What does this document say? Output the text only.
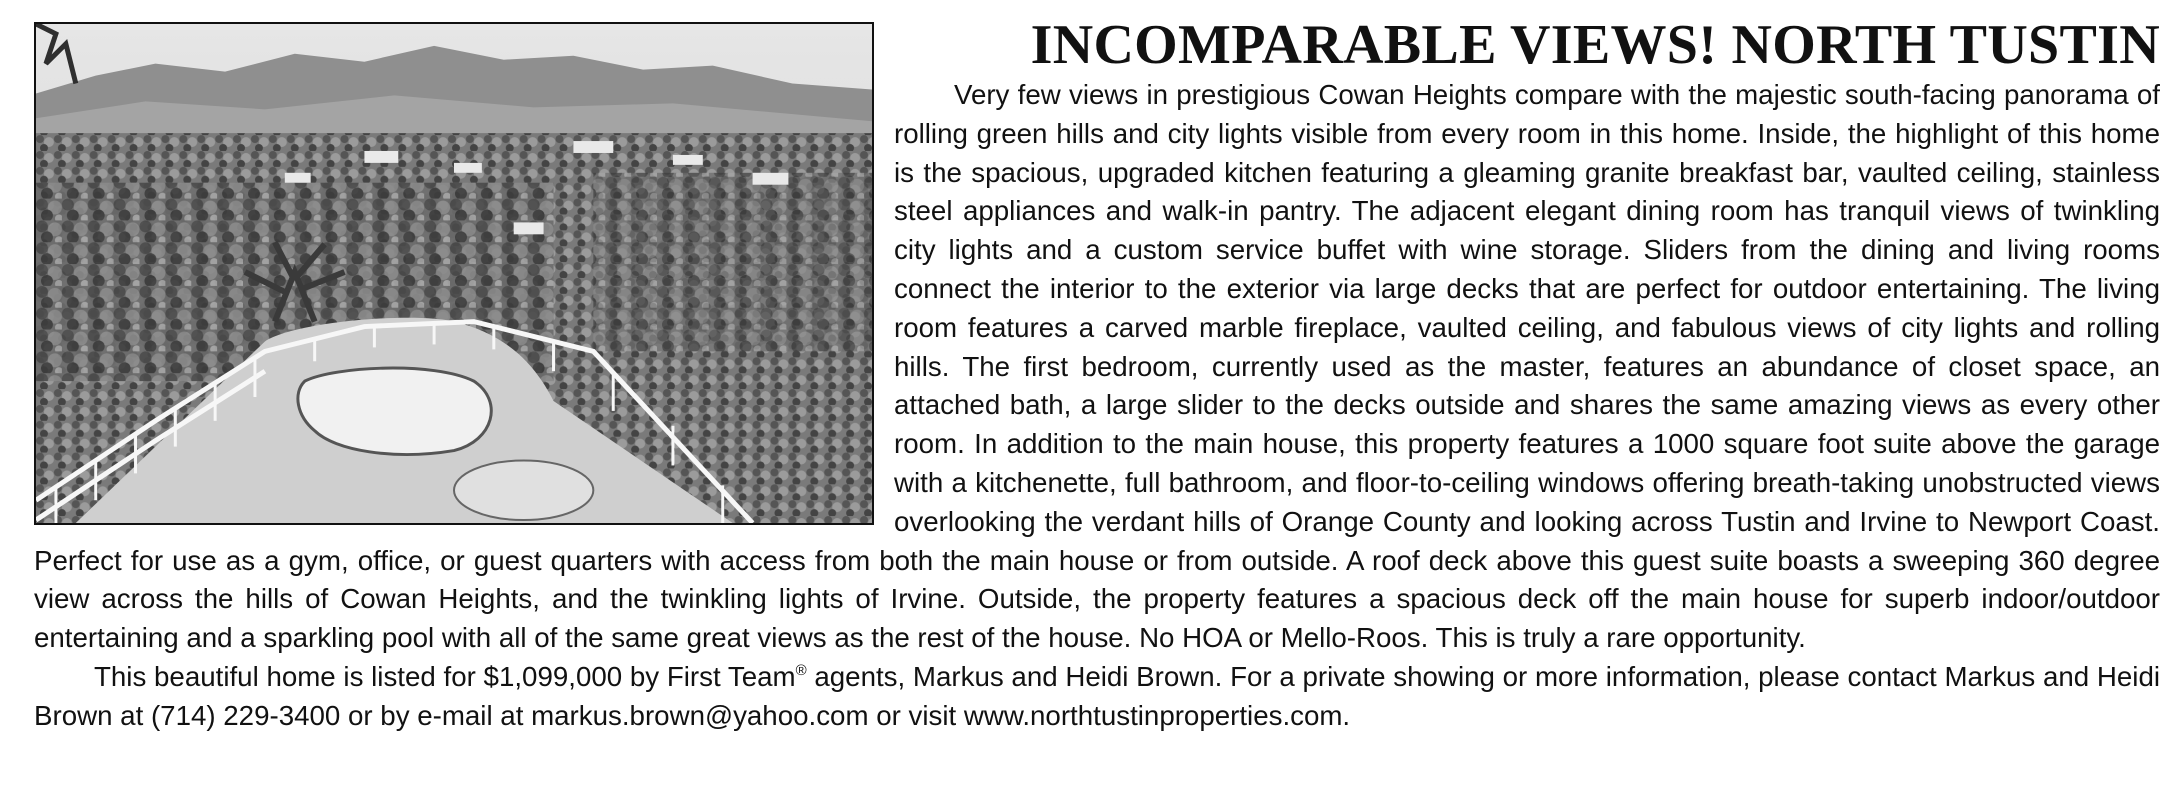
INCOMPARABLE VIEWS! NORTH TUSTIN

Very few views in prestigious Cowan Heights compare with the majestic south-facing panorama of rolling green hills and city lights visible from every room in this home. Inside, the highlight of this home is the spacious, upgraded kitchen featuring a gleaming granite breakfast bar, vaulted ceiling, stainless steel appliances and walk-in pantry. The adjacent elegant dining room has tranquil views of twinkling city lights and a custom service buffet with wine storage. Sliders from the dining and living rooms connect the interior to the exterior via large decks that are perfect for outdoor entertaining. The living room features a carved marble fireplace, vaulted ceiling, and fabulous views of city lights and rolling hills. The first bedroom, currently used as the master, features an abundance of closet space, an attached bath, a large slider to the decks outside and shares the same amazing views as every other room. In addition to the main house, this property features a 1000 square foot suite above the garage with a kitchenette, full bathroom, and floor-to-ceiling windows offering breath-taking unobstructed views overlooking the verdant hills of Orange County and looking across Tustin and Irvine to Newport Coast. Perfect for use as a gym, office, or guest quarters with access from both the main house or from outside. A roof deck above this guest suite boasts a sweeping 360 degree view across the hills of Cowan Heights, and the twinkling lights of Irvine. Outside, the property features a spacious deck off the main house for superb indoor/outdoor entertaining and a sparkling pool with all of the same great views as the rest of the house. No HOA or Mello-Roos. This is truly a rare opportunity.

This beautiful home is listed for $1,099,000 by First Team® agents, Markus and Heidi Brown. For a private showing or more information, please contact Markus and Heidi Brown at (714) 229-3400 or by e-mail at markus.brown@yahoo.com or visit www.northtustinproperties.com.
